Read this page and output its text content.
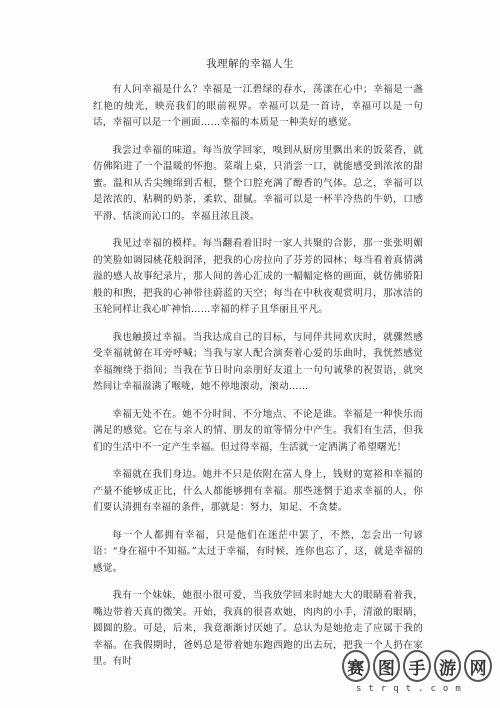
我理解的幸福人生

有人问幸福是什么？幸福是一江碧绿的春水，荡漾在心中；幸福是一盏红艳的烛光，映亮我们的眼前视界。幸福可以是一首诗，幸福可以是一句话，幸福可以是一个画面……幸福的本质是一种美好的感觉。

我尝过幸福的味道。每当放学回家，嗅到从厨房里飘出来的饭菜香，就仿佛陷进了一个温暖的怀抱。菜端上桌，只消尝一口，就能感受到浓浓的甜蜜。温和从舌尖缠绵到舌根，整个口腔充满了醇香的气体。总之，幸福可以是浓浓的、粘稠的奶茶，柔软、甜腻。幸福可以是一杯半冷热的牛奶，口感平滑、恬淡而沁口的。幸福且浓且淡。

我见过幸福的模样。每当翻看着旧时一家人共聚的合影，那一张张明媚的笑脸如调园桃花般润泽，把我的心房拉向了芬芳的园林；每当看着真情满溢的感人故事纪录片，那人间的善心汇成的一幅幅定格的画面，就仿佛骄阳般的和煦，把我的心神带往蔚蓝的天空；每当在中秋夜观赏明月，那冰洁的玉轮同样让我心旷神怡……幸福的样子且华丽且平凡。

我也触摸过幸福。当我达成自己的目标，与同伴共同欢庆时，就骤然感受幸福就俯在耳旁呼喊；当我与家人配合演奏着心爱的乐曲时，我恍然感觉幸福缠绕于指间；当我在节日时向亲朋好友道上一句句诚挚的祝贺语，就突然间让幸福溢满了喉咙，她不停地滚动，滚动……

幸福无处不在。她不分时间、不分地点、不论是谁。幸福是一种快乐而满足的感觉。它在与亲人的情、朋友的谊等情分中产生。我们有生活，但我们的生活中不一定产生幸福。但过得幸福，生活就一定洒满了希望曙光！

幸福就在我们身边。她并不只是依附在富人身上，钱财的宽裕和幸福的产量不能够成正比，什么人都能够拥有幸福。那些迷惘于追求幸福的人，你们要认清拥有幸福的条件，那就是：努力，知足、不贪婪。

每一个人都拥有幸福，只是他们在迷茫中罢了，不然，怎会出一句谚语：“身在福中不知福。”太过于幸福，有时候，连你也忘了，这，就是幸福的感觉。

我有一个妹妹，她很小很可爱，当我放学回来时她大大的眼睛看着我，嘴边带着天真的微笑。开始，我真的很喜欢她，肉肉的小手，清澈的眼睛，圆圆的脸。可是，后来，我竟渐渐讨厌她了。总认为是她抢走了应属于我的幸福。在我假期时，爸妈总是带着她东跑西跑的出去玩，把我一个人扔在家里。有时	赛 图 手 游 网
strqt.com
